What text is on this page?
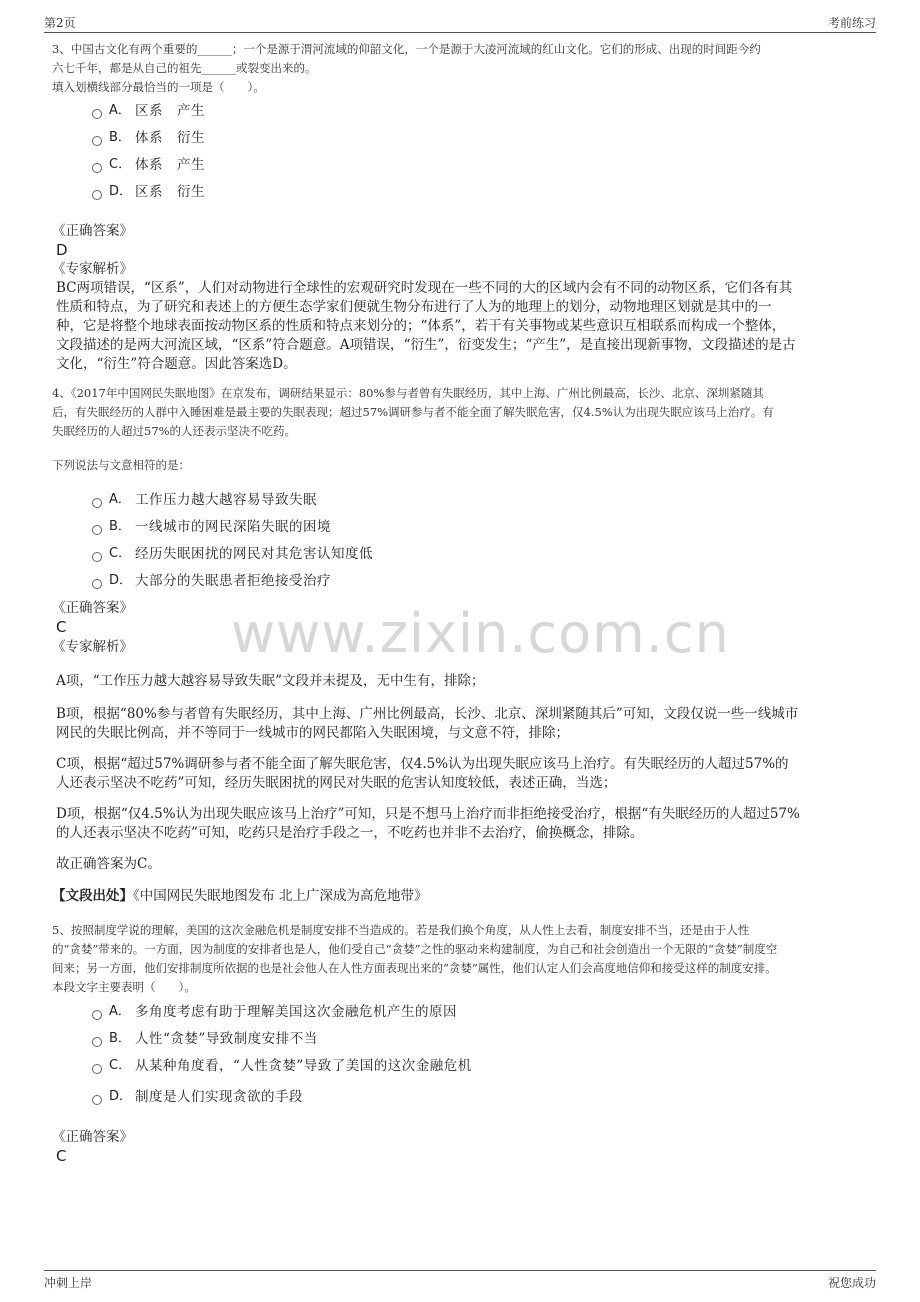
第2页	考前练习
www.zixin.com.cn
3、中国古文化有两个重要的______；一个是源于渭河流域的仰韶文化，一个是源于大凌河流域的红山文化。它们的形成、出现的时间距今约
六七千年，都是从自己的祖先______或裂变出来的。
填入划横线部分最恰当的一项是（　　）。
A． 区系　产生
B． 体系　衍生
C． 体系　产生
D． 区系　衍生
《正确答案》
D
《专家解析》
BC两项错误，“区系”，人们对动物进行全球性的宏观研究时发现在一些不同的大的区域内会有不同的动物区系，它们各有其
性质和特点，为了研究和表述上的方便生态学家们便就生物分布进行了人为的地理上的划分，动物地理区划就是其中的一
种，它是将整个地球表面按动物区系的性质和特点来划分的；“体系”，若干有关事物或某些意识互相联系而构成一个整体，
文段描述的是两大河流区域，“区系”符合题意。A项错误，“衍生”，衍变发生；“产生”，是直接出现新事物，文段描述的是古
文化，“衍生”符合题意。因此答案选D。
4、《2017年中国网民失眠地图》在京发布，调研结果显示：80%参与者曾有失眠经历，其中上海、广州比例最高，长沙、北京、深圳紧随其
后，有失眠经历的人群中入睡困难是最主要的失眠表现；超过57%调研参与者不能全面了解失眠危害，仅4.5%认为出现失眠应该马上治疗。有
失眠经历的人超过57%的人还表示坚决不吃药。
下列说法与文意相符的是：
A． 工作压力越大越容易导致失眠
B． 一线城市的网民深陷失眠的困境
C． 经历失眠困扰的网民对其危害认知度低
D． 大部分的失眠患者拒绝接受治疗
《正确答案》
C
《专家解析》
A项，“工作压力越大越容易导致失眠”文段并未提及，无中生有，排除；
B项，根据“80%参与者曾有失眠经历，其中上海、广州比例最高，长沙、北京、深圳紧随其后”可知，文段仅说一些一线城市
网民的失眠比例高，并不等同于一线城市的网民都陷入失眠困境，与文意不符，排除；
C项，根据“超过57%调研参与者不能全面了解失眠危害，仅4.5%认为出现失眠应该马上治疗。有失眠经历的人超过57%的
人还表示坚决不吃药”可知，经历失眠困扰的网民对失眠的危害认知度较低，表述正确，当选；
D项，根据“仅4.5%认为出现失眠应该马上治疗”可知，只是不想马上治疗而非拒绝接受治疗，根据“有失眠经历的人超过57%
的人还表示坚决不吃药”可知，吃药只是治疗手段之一，不吃药也并非不去治疗，偷换概念，排除。
故正确答案为C。
【文段出处】《中国网民失眠地图发布 北上广深成为高危地带》
5、按照制度学说的理解，美国的这次金融危机是制度安排不当造成的。若是我们换个角度，从人性上去看，制度安排不当，还是由于人性
的“贪婪”带来的。一方面，因为制度的安排者也是人，他们受自己“贪婪”之性的驱动来构建制度，为自己和社会创造出一个无限的“贪婪”制度空
间来；另一方面，他们安排制度所依据的也是社会他人在人性方面表现出来的“贪婪”属性，他们认定人们会高度地信仰和接受这样的制度安排。
本段文字主要表明（　　）。
A． 多角度考虑有助于理解美国这次金融危机产生的原因
B． 人性“贪婪”导致制度安排不当
C． 从某种角度看，“人性贪婪”导致了美国的这次金融危机
D． 制度是人们实现贪欲的手段
《正确答案》
C
冲刺上岸	祝您成功
